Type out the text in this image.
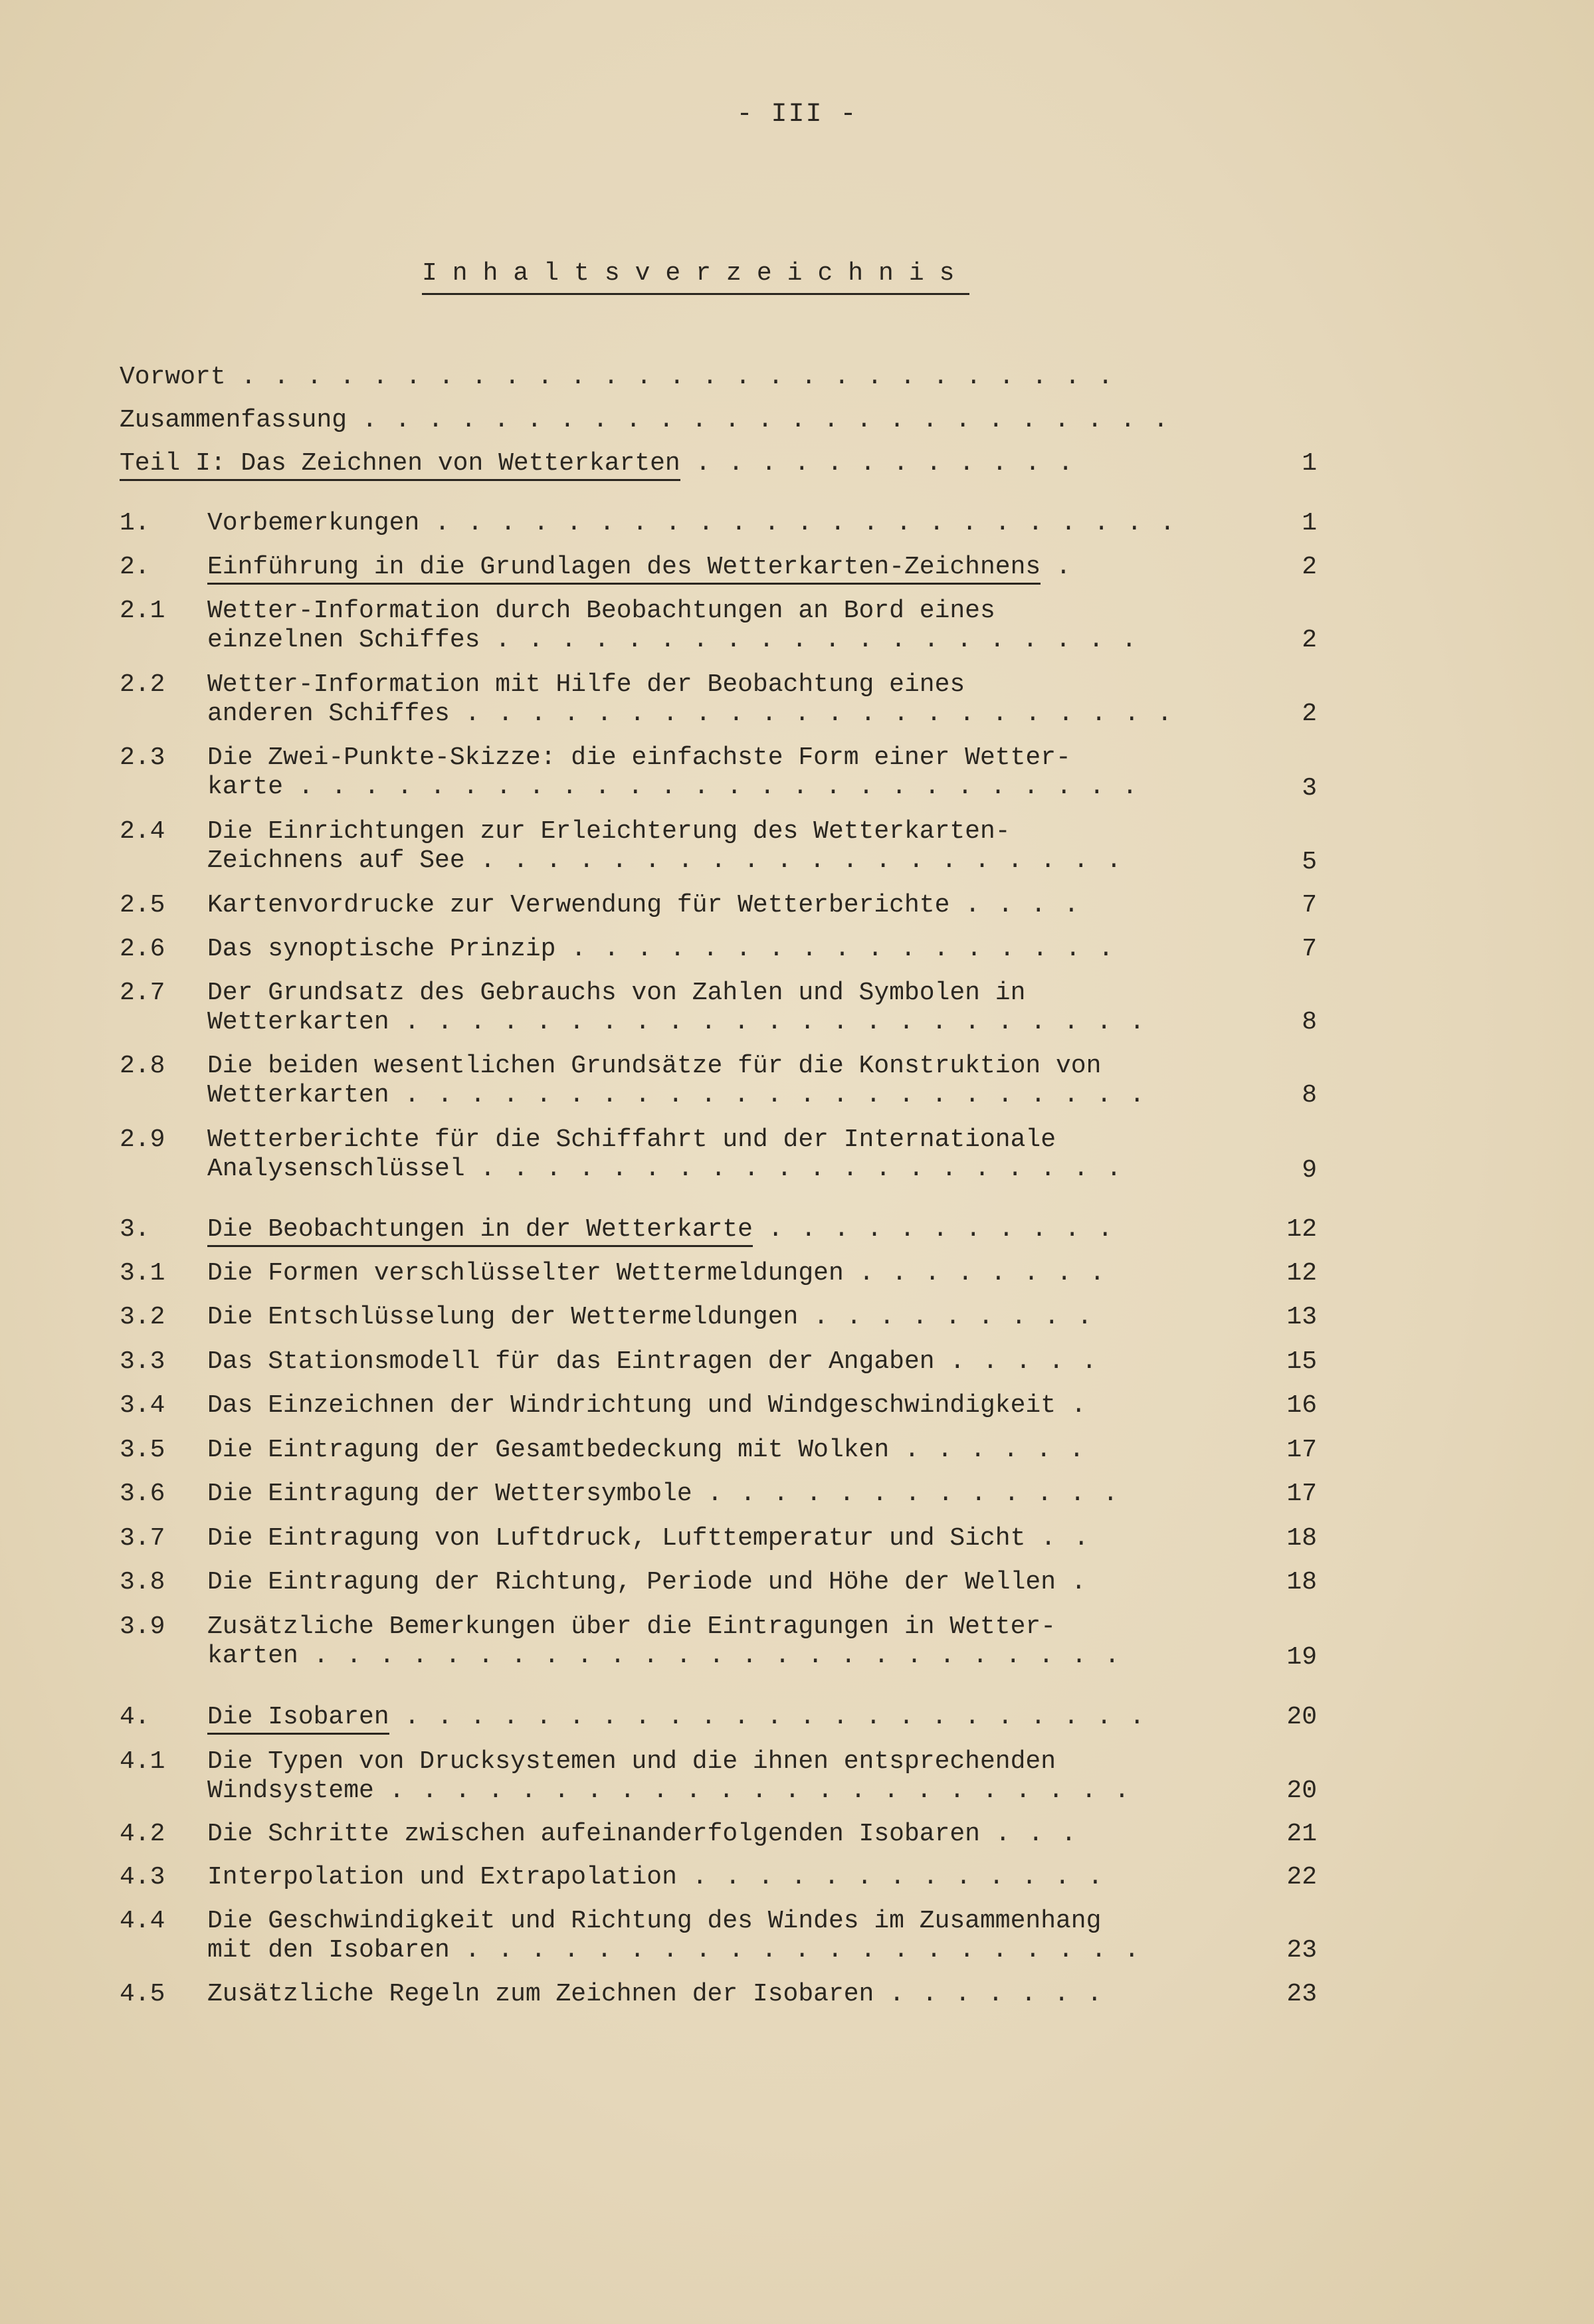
- III -
Inhaltsverzeichnis
Vorwort . . . . . . . . . . . . . . . . . . . . . . . . . . .
Zusammenfassung . . . . . . . . . . . . . . . . . . . . . . . . .
Teil I: Das Zeichnen von Wetterkarten . . . . . . . . . . . .	1
1. Vorbemerkungen . . . . . . . . . . . . . . . . . . . . . . .	1
2. Einführung in die Grundlagen des Wetterkarten-Zeichnens .	2
2.1 Wetter-Information durch Beobachtungen an Bord eines
einzelnen Schiffes . . . . . . . . . . . . . . . . . . . .	2
2.2 Wetter-Information mit Hilfe der Beobachtung eines
anderen Schiffes . . . . . . . . . . . . . . . . . . . . . .	2
2.3 Die Zwei-Punkte-Skizze: die einfachste Form einer Wetter-
karte . . . . . . . . . . . . . . . . . . . . . . . . . .	3
2.4 Die Einrichtungen zur Erleichterung des Wetterkarten-
Zeichnens auf See . . . . . . . . . . . . . . . . . . . .	5
2.5 Kartenvordrucke zur Verwendung für Wetterberichte . . . .	7
2.6 Das synoptische Prinzip . . . . . . . . . . . . . . . . .	7
2.7 Der Grundsatz des Gebrauchs von Zahlen und Symbolen in
Wetterkarten . . . . . . . . . . . . . . . . . . . . . . .	8
2.8 Die beiden wesentlichen Grundsätze für die Konstruktion von
Wetterkarten . . . . . . . . . . . . . . . . . . . . . . .	8
2.9 Wetterberichte für die Schiffahrt und der Internationale
Analysenschlüssel . . . . . . . . . . . . . . . . . . . .	9
3. Die Beobachtungen in der Wetterkarte . . . . . . . . . . .	12
3.1 Die Formen verschlüsselter Wettermeldungen . . . . . . . .	12
3.2 Die Entschlüsselung der Wettermeldungen . . . . . . . . .	13
3.3 Das Stationsmodell für das Eintragen der Angaben . . . . .	15
3.4 Das Einzeichnen der Windrichtung und Windgeschwindigkeit .	16
3.5 Die Eintragung der Gesamtbedeckung mit Wolken . . . . . .	17
3.6 Die Eintragung der Wettersymbole . . . . . . . . . . . . .	17
3.7 Die Eintragung von Luftdruck, Lufttemperatur und Sicht . .	18
3.8 Die Eintragung der Richtung, Periode und Höhe der Wellen .	18
3.9 Zusätzliche Bemerkungen über die Eintragungen in Wetter-
karten . . . . . . . . . . . . . . . . . . . . . . . . .	19
4. Die Isobaren . . . . . . . . . . . . . . . . . . . . . . .	20
4.1 Die Typen von Drucksystemen und die ihnen entsprechenden
Windsysteme . . . . . . . . . . . . . . . . . . . . . . .	20
4.2 Die Schritte zwischen aufeinanderfolgenden Isobaren . . .	21
4.3 Interpolation und Extrapolation . . . . . . . . . . . . .	22
4.4 Die Geschwindigkeit und Richtung des Windes im Zusammenhang
mit den Isobaren . . . . . . . . . . . . . . . . . . . . .	23
4.5 Zusätzliche Regeln zum Zeichnen der Isobaren . . . . . . .	23
